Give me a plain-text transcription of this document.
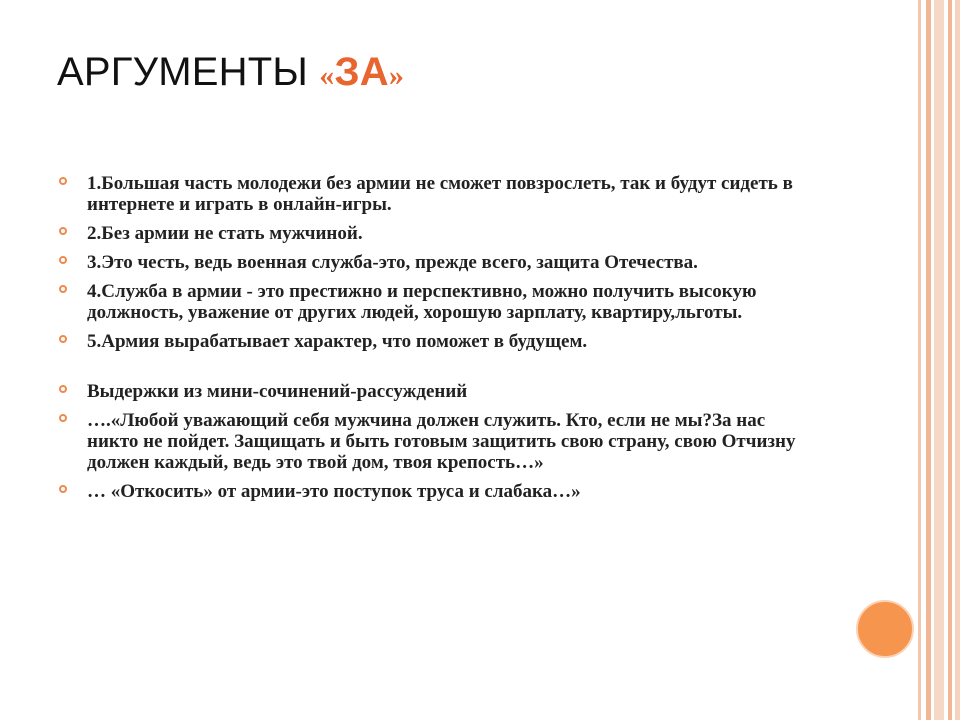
АРГУМЕНТЫ «ЗА»
1.Большая часть молодежи без армии не сможет повзрослеть, так и будут сидеть в интернете и играть в онлайн-игры.
2.Без армии не стать мужчиной.
3.Это честь, ведь военная служба-это, прежде всего, защита Отечества.
4.Служба в армии - это престижно и перспективно, можно получить высокую должность, уважение от других людей, хорошую зарплату, квартиру,льготы.
5.Армия вырабатывает характер, что поможет в будущем.
Выдержки из мини-сочинений-рассуждений
….«Любой уважающий себя мужчина должен служить. Кто, если не мы?За нас никто не пойдет. Защищать и быть готовым защитить свою страну, свою Отчизну должен каждый, ведь это твой дом, твоя крепость…»
… «Откосить» от армии-это поступок труса и слабака…»
